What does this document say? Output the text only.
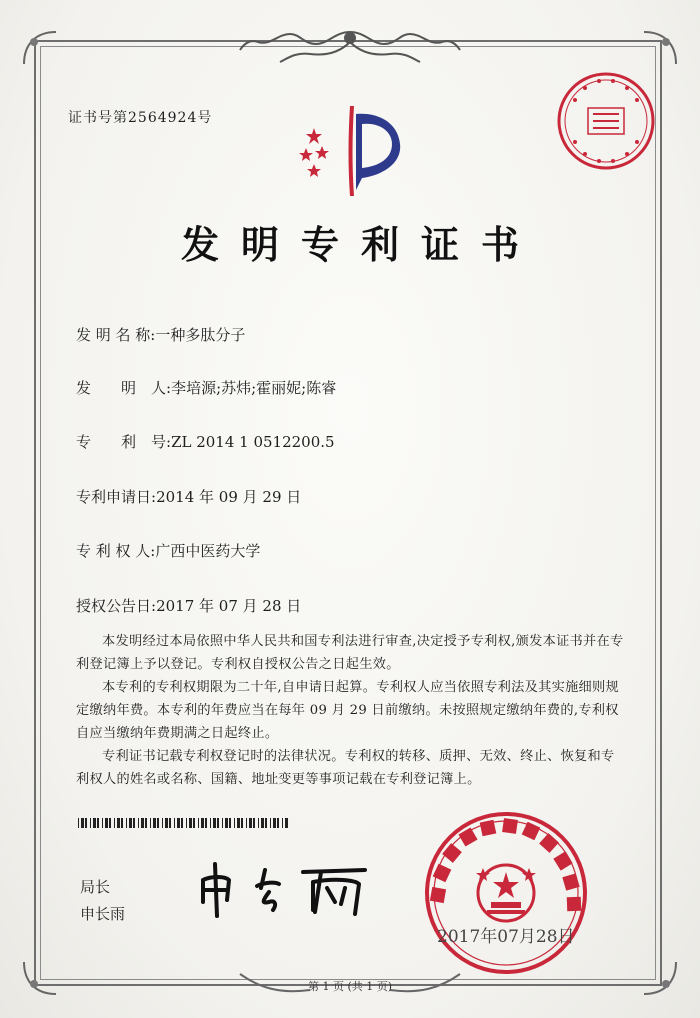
证书号第2564924号
发明专利证书
发 明 名 称:一种多肽分子
发　　明　人:李培源;苏炜;霍丽妮;陈睿
专　　利　号:ZL 2014 1 0512200.5
专利申请日:2014 年 09 月 29 日
专 利 权 人:广西中医药大学
授权公告日:2017 年 07 月 28 日
本发明经过本局依照中华人民共和国专利法进行审查,决定授予专利权,颁发本证书并在专利登记簿上予以登记。专利权自授权公告之日起生效。
本专利的专利权期限为二十年,自申请日起算。专利权人应当依照专利法及其实施细则规定缴纳年费。本专利的年费应当在每年 09 月 29 日前缴纳。未按照规定缴纳年费的,专利权自应当缴纳年费期满之日起终止。
专利证书记载专利权登记时的法律状况。专利权的转移、质押、无效、终止、恢复和专利权人的姓名或名称、国籍、地址变更等事项记载在专利登记簿上。
局长
申长雨
2017年07月28日
第 1 页 (共 1 页)
